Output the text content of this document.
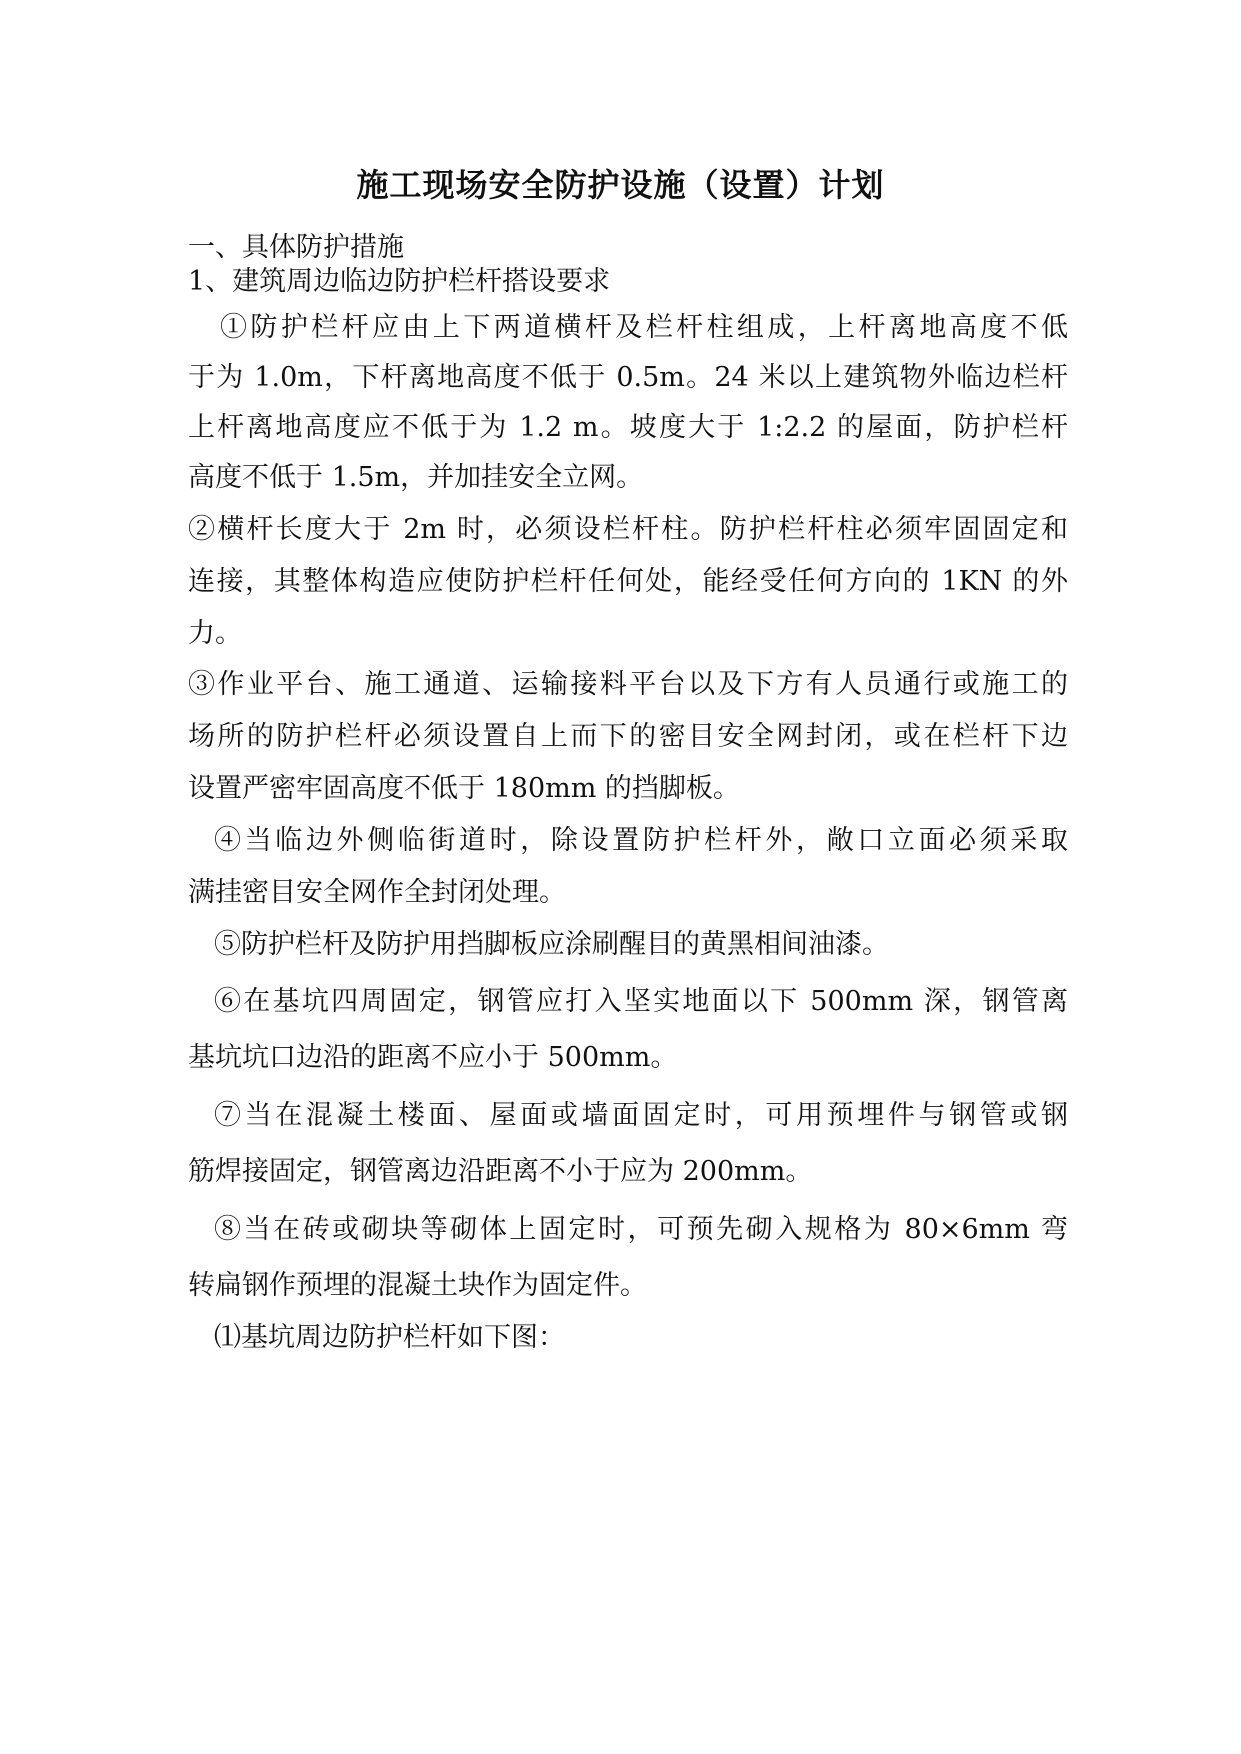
施工现场安全防护设施（设置）计划
一、具体防护措施
1、建筑周边临边防护栏杆搭设要求
①防护栏杆应由上下两道横杆及栏杆柱组成，上杆离地高度不低
于为 1.0m，下杆离地高度不低于 0.5m。24 米以上建筑物外临边栏杆
上杆离地高度应不低于为 1.2 m。坡度大于 1:2.2 的屋面，防护栏杆
高度不低于 1.5m，并加挂安全立网。
②横杆长度大于 2m 时，必须设栏杆柱。防护栏杆柱必须牢固固定和
连接，其整体构造应使防护栏杆任何处，能经受任何方向的 1KN 的外
力。
③作业平台、施工通道、运输接料平台以及下方有人员通行或施工的
场所的防护栏杆必须设置自上而下的密目安全网封闭，或在栏杆下边
设置严密牢固高度不低于 180mm 的挡脚板。
④当临边外侧临街道时，除设置防护栏杆外，敞口立面必须采取
满挂密目安全网作全封闭处理。
⑤防护栏杆及防护用挡脚板应涂刷醒目的黄黑相间油漆。
⑥在基坑四周固定，钢管应打入坚实地面以下 500mm 深，钢管离
基坑坑口边沿的距离不应小于 500mm。
⑦当在混凝土楼面、屋面或墙面固定时，可用预埋件与钢管或钢
筋焊接固定，钢管离边沿距离不小于应为 200mm。
⑧当在砖或砌块等砌体上固定时，可预先砌入规格为 80×6mm 弯
转扁钢作预埋的混凝土块作为固定件。
⑴基坑周边防护栏杆如下图：
